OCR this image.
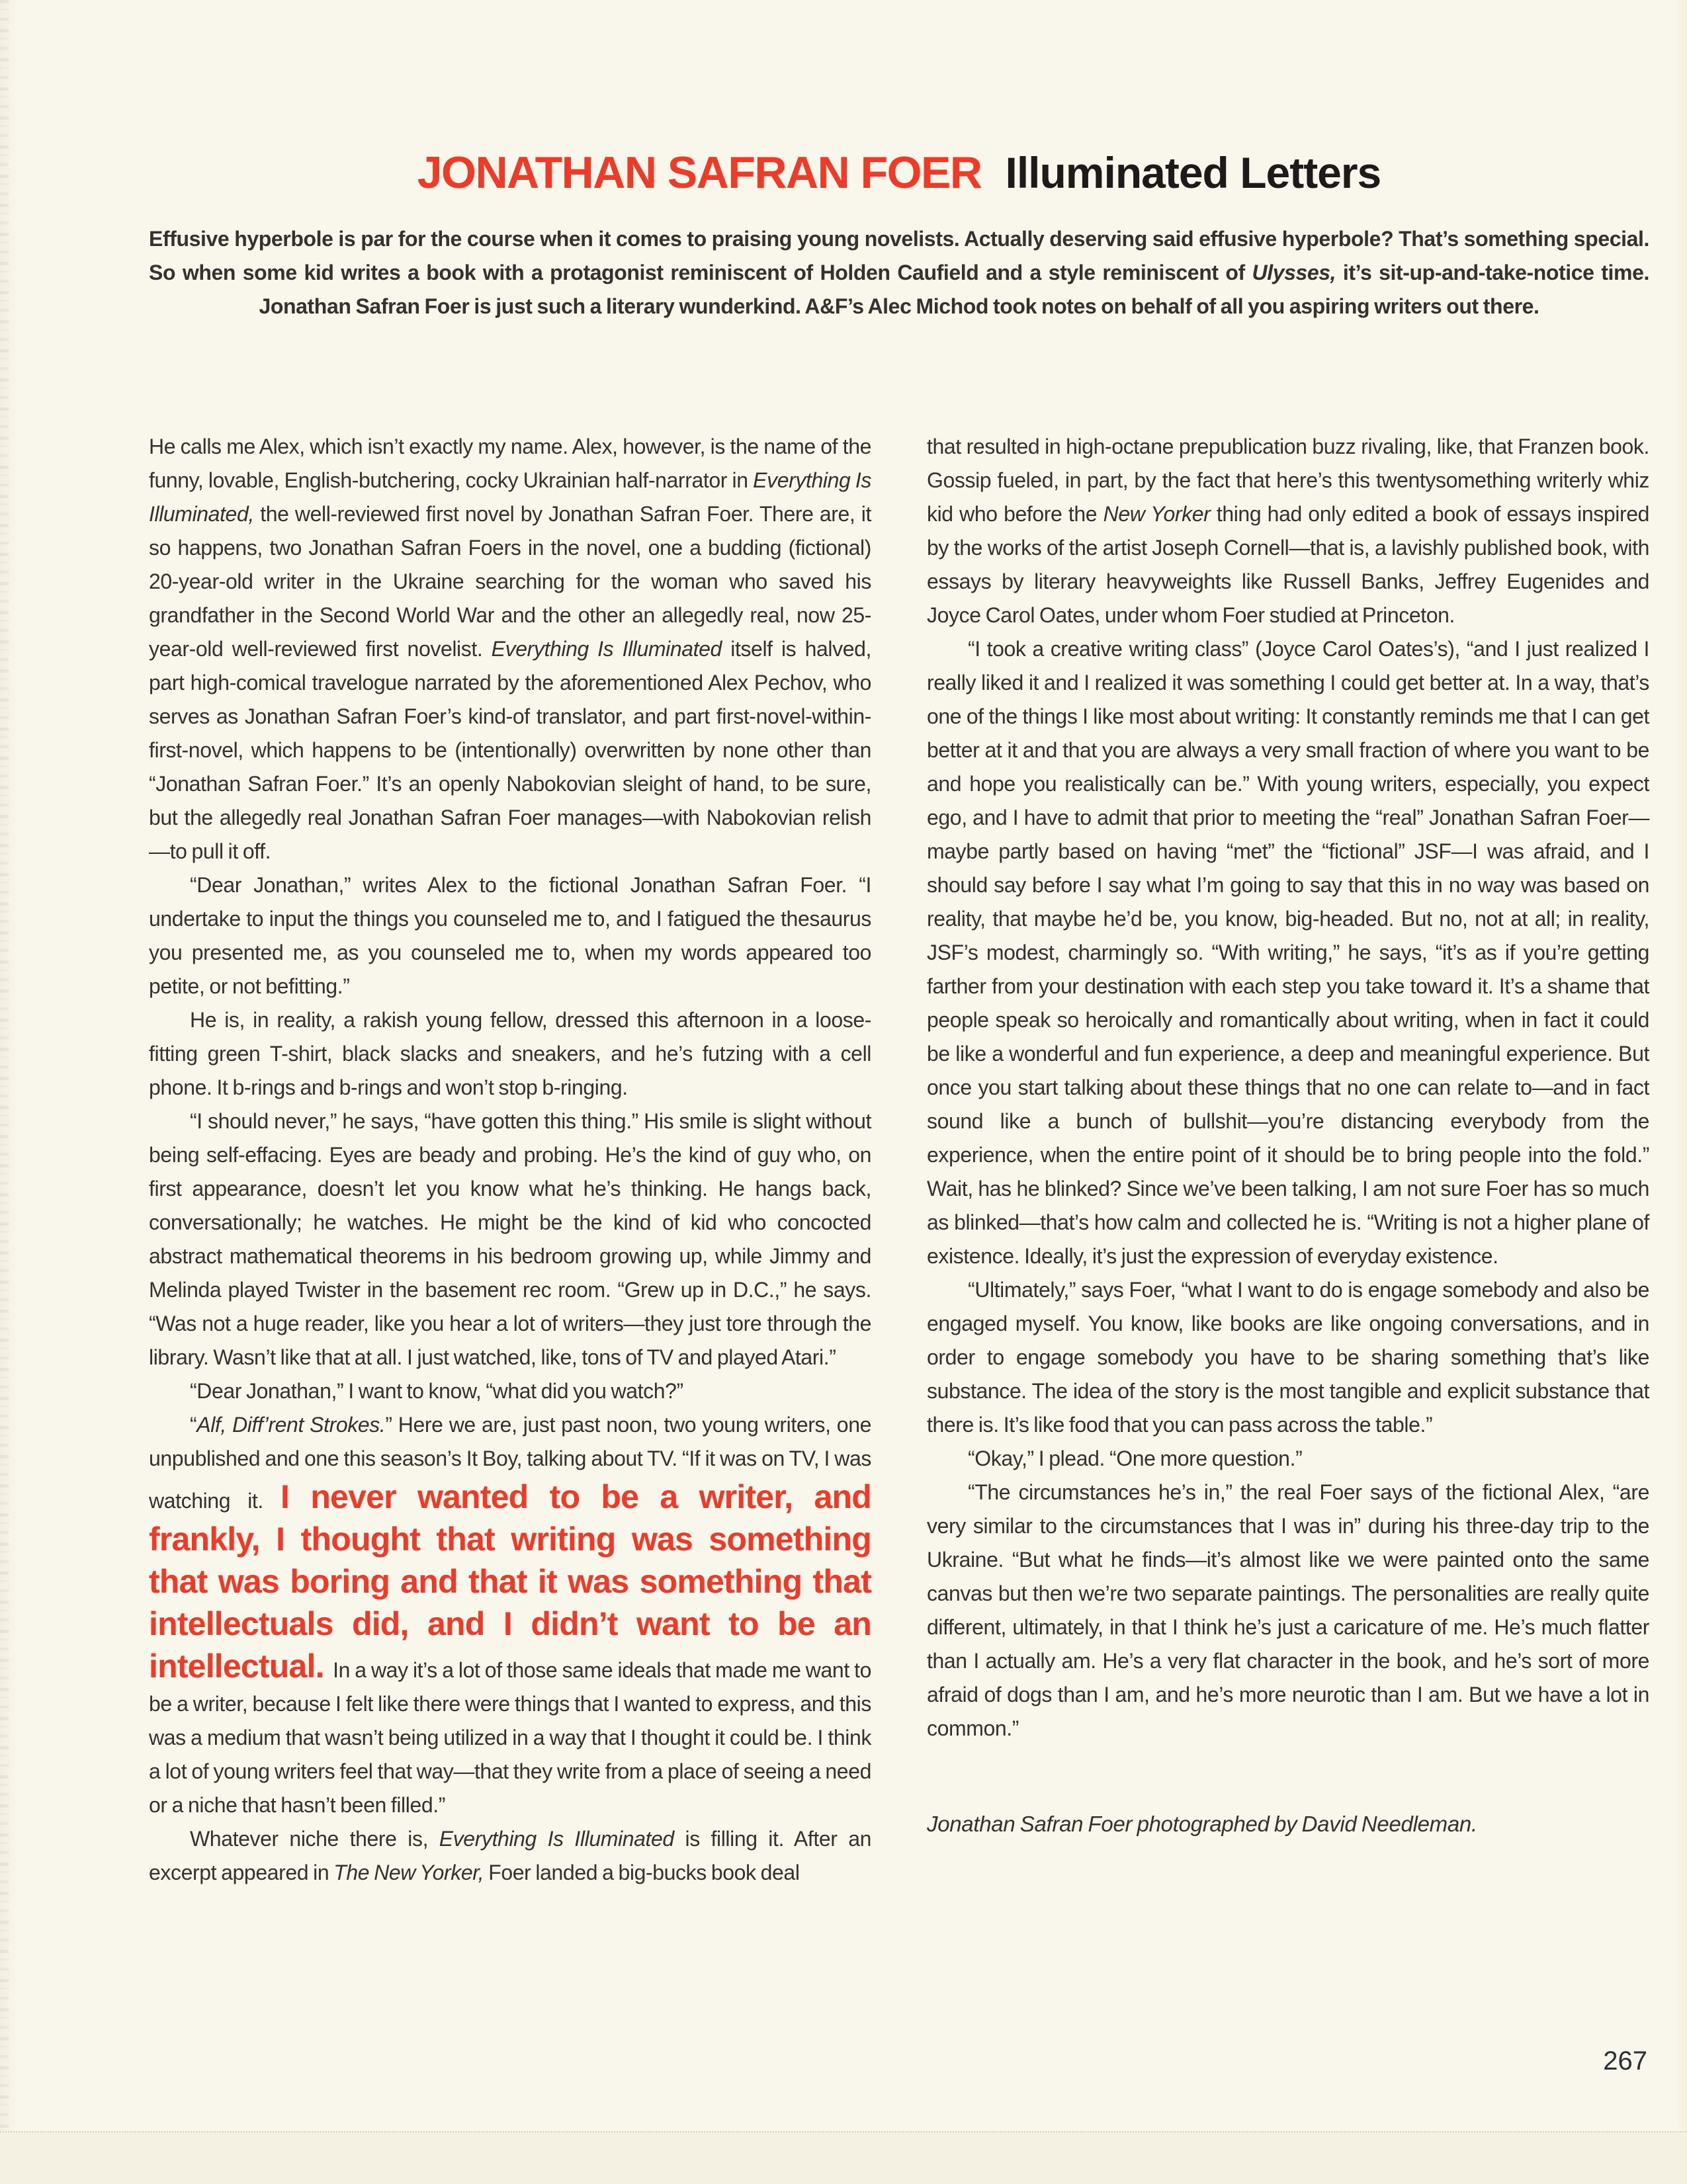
JONATHAN SAFRAN FOER Illuminated Letters

Effusive hyperbole is par for the course when it comes to praising young novelists. Actually deserving said effusive hyperbole? That’s something special. So when some kid writes a book with a protagonist reminiscent of Holden Caufield and a style reminiscent of Ulysses, it’s sit-up-and-take-notice time. Jonathan Safran Foer is just such a literary wunderkind. A&F’s Alec Michod took notes on behalf of all you aspiring writers out there.

He calls me Alex, which isn’t exactly my name. Alex, however, is the name of the funny, lovable, English-butchering, cocky Ukrainian half-narrator in Everything Is Illuminated, the well-reviewed first novel by Jonathan Safran Foer. There are, it so happens, two Jonathan Safran Foers in the novel, one a budding (fictional) 20-year-old writer in the Ukraine searching for the woman who saved his grandfather in the Second World War and the other an allegedly real, now 25-year-old well-reviewed first novelist. Everything Is Illuminated itself is halved, part high-comical travelogue narrated by the aforementioned Alex Pechov, who serves as Jonathan Safran Foer’s kind-of translator, and part first-novel-within-first-novel, which happens to be (intentionally) overwritten by none other than “Jonathan Safran Foer.” It’s an openly Nabokovian sleight of hand, to be sure, but the allegedly real Jonathan Safran Foer manages—with Nabokovian relish—to pull it off.

“Dear Jonathan,” writes Alex to the fictional Jonathan Safran Foer. “I undertake to input the things you counseled me to, and I fatigued the thesaurus you presented me, as you counseled me to, when my words appeared too petite, or not befitting.”

He is, in reality, a rakish young fellow, dressed this afternoon in a loose-fitting green T-shirt, black slacks and sneakers, and he’s futzing with a cell phone. It b-rings and b-rings and won’t stop b-ringing.

“I should never,” he says, “have gotten this thing.” His smile is slight without being self-effacing. Eyes are beady and probing. He’s the kind of guy who, on first appearance, doesn’t let you know what he’s thinking. He hangs back, conversationally; he watches. He might be the kind of kid who concocted abstract mathematical theorems in his bedroom growing up, while Jimmy and Melinda played Twister in the basement rec room. “Grew up in D.C.,” he says. “Was not a huge reader, like you hear a lot of writers—they just tore through the library. Wasn’t like that at all. I just watched, like, tons of TV and played Atari.”

“Dear Jonathan,” I want to know, “what did you watch?”

“Alf, Diff’rent Strokes.” Here we are, just past noon, two young writers, one unpublished and one this season’s It Boy, talking about TV. “If it was on TV, I was watching it. I never wanted to be a writer, and frankly, I thought that writing was something that was boring and that it was something that intellectuals did, and I didn’t want to be an intellectual. In a way it’s a lot of those same ideals that made me want to be a writer, because I felt like there were things that I wanted to express, and this was a medium that wasn’t being utilized in a way that I thought it could be. I think a lot of young writers feel that way—that they write from a place of seeing a need or a niche that hasn’t been filled.”

Whatever niche there is, Everything Is Illuminated is filling it. After an excerpt appeared in The New Yorker, Foer landed a big-bucks book deal

that resulted in high-octane prepublication buzz rivaling, like, that Franzen book. Gossip fueled, in part, by the fact that here’s this twentysomething writerly whiz kid who before the New Yorker thing had only edited a book of essays inspired by the works of the artist Joseph Cornell—that is, a lavishly published book, with essays by literary heavyweights like Russell Banks, Jeffrey Eugenides and Joyce Carol Oates, under whom Foer studied at Princeton.

“I took a creative writing class” (Joyce Carol Oates’s), “and I just realized I really liked it and I realized it was something I could get better at. In a way, that’s one of the things I like most about writing: It constantly reminds me that I can get better at it and that you are always a very small fraction of where you want to be and hope you realistically can be.” With young writers, especially, you expect ego, and I have to admit that prior to meeting the “real” Jonathan Safran Foer—maybe partly based on having “met” the “fictional” JSF—I was afraid, and I should say before I say what I’m going to say that this in no way was based on reality, that maybe he’d be, you know, big-headed. But no, not at all; in reality, JSF’s modest, charmingly so. “With writing,” he says, “it’s as if you’re getting farther from your destination with each step you take toward it. It’s a shame that people speak so heroically and romantically about writing, when in fact it could be like a wonderful and fun experience, a deep and meaningful experience. But once you start talking about these things that no one can relate to—and in fact sound like a bunch of bullshit—you’re distancing everybody from the experience, when the entire point of it should be to bring people into the fold.” Wait, has he blinked? Since we’ve been talking, I am not sure Foer has so much as blinked—that’s how calm and collected he is. “Writing is not a higher plane of existence. Ideally, it’s just the expression of everyday existence.

“Ultimately,” says Foer, “what I want to do is engage somebody and also be engaged myself. You know, like books are like ongoing conversations, and in order to engage somebody you have to be sharing something that’s like substance. The idea of the story is the most tangible and explicit substance that there is. It’s like food that you can pass across the table.”

“Okay,” I plead. “One more question.”

“The circumstances he’s in,” the real Foer says of the fictional Alex, “are very similar to the circumstances that I was in” during his three-day trip to the Ukraine. “But what he finds—it’s almost like we were painted onto the same canvas but then we’re two separate paintings. The personalities are really quite different, ultimately, in that I think he’s just a caricature of me. He’s much flatter than I actually am. He’s a very flat character in the book, and he’s sort of more afraid of dogs than I am, and he’s more neurotic than I am. But we have a lot in common.”

Jonathan Safran Foer photographed by David Needleman.

267
